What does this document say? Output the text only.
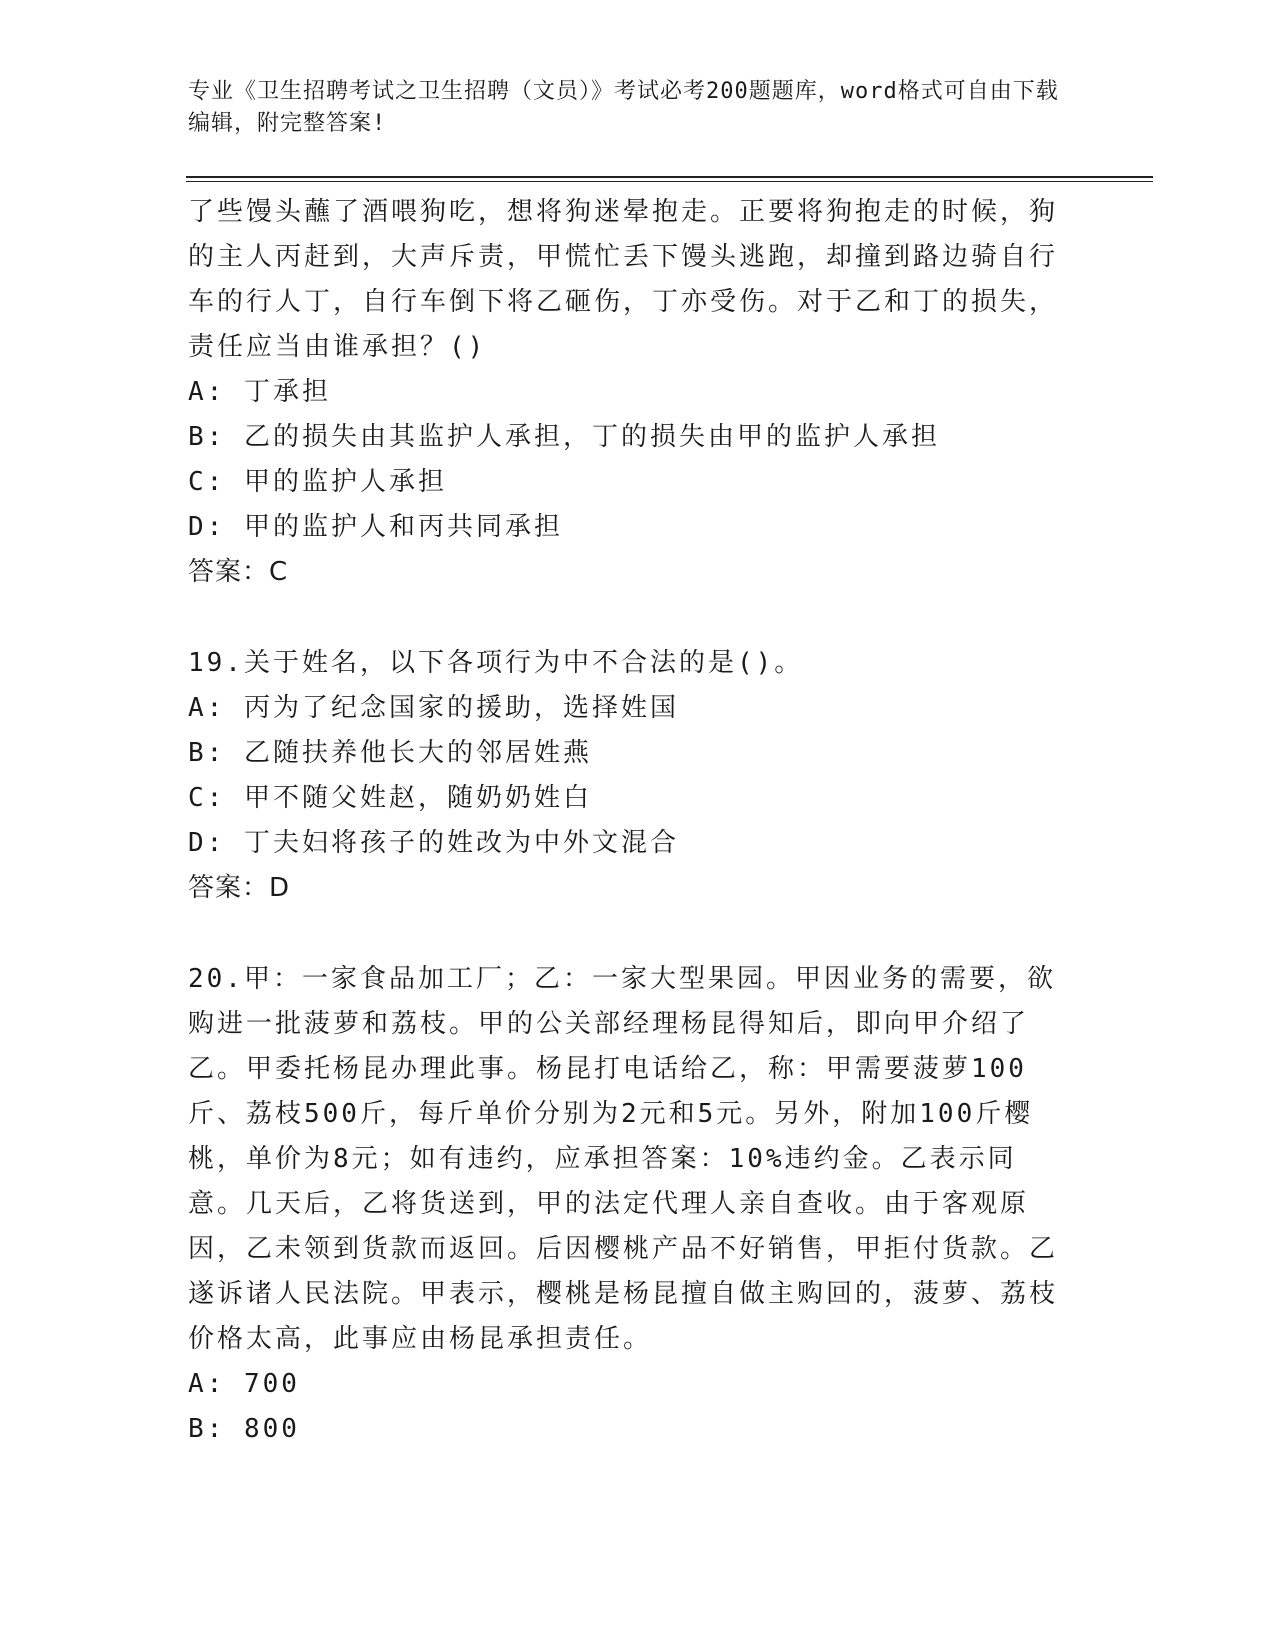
专业《卫生招聘考试之卫生招聘（文员）》考试必考200题题库，word格式可自由下载编辑，附完整答案!

了些馒头蘸了酒喂狗吃，想将狗迷晕抱走。正要将狗抱走的时候，狗的主人丙赶到，大声斥责，甲慌忙丢下馒头逃跑，却撞到路边骑自行车的行人丁，自行车倒下将乙砸伤，丁亦受伤。对于乙和丁的损失，责任应当由谁承担？()

A: 丁承担

B: 乙的损失由其监护人承担，丁的损失由甲的监护人承担

C: 甲的监护人承担

D: 甲的监护人和丙共同承担

答案：C

19.关于姓名，以下各项行为中不合法的是()。

A: 丙为了纪念国家的援助，选择姓国

B: 乙随扶养他长大的邻居姓燕

C: 甲不随父姓赵，随奶奶姓白

D: 丁夫妇将孩子的姓改为中外文混合

答案：D

20.甲：一家食品加工厂；乙：一家大型果园。甲因业务的需要，欲购进一批菠萝和荔枝。甲的公关部经理杨昆得知后，即向甲介绍了乙。甲委托杨昆办理此事。杨昆打电话给乙，称：甲需要菠萝100斤、荔枝500斤，每斤单价分别为2元和5元。另外，附加100斤樱桃，单价为8元；如有违约，应承担答案：10%违约金。乙表示同意。几天后，乙将货送到，甲的法定代理人亲自查收。由于客观原因，乙未领到货款而返回。后因樱桃产品不好销售，甲拒付货款。乙遂诉诸人民法院。甲表示，樱桃是杨昆擅自做主购回的，菠萝、荔枝价格太高，此事应由杨昆承担责任。

A: 700

B: 800
